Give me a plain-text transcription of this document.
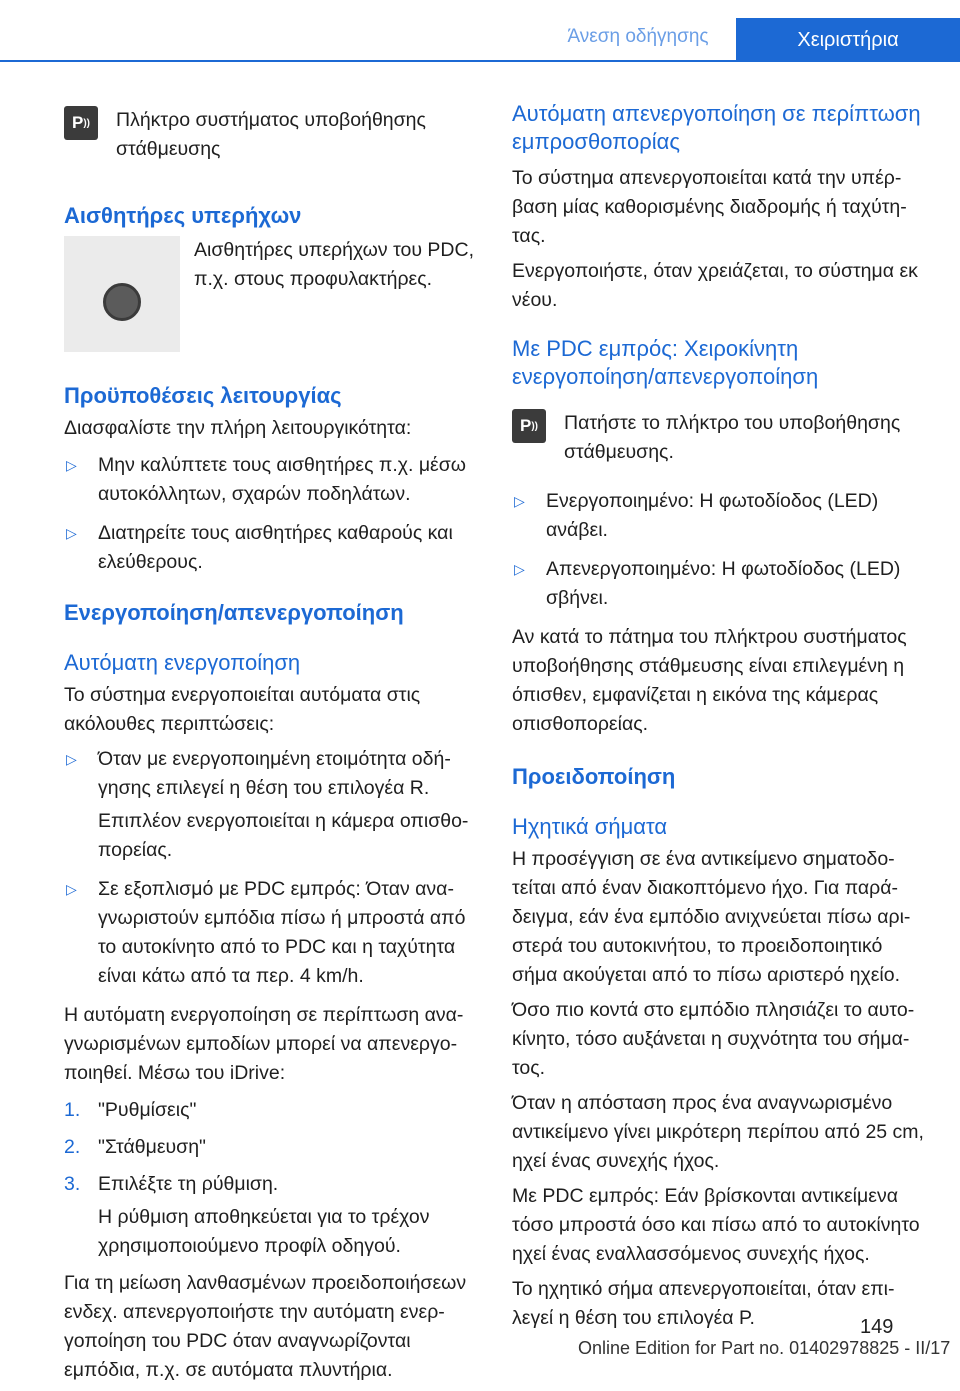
Άνεση οδήγησης	Χειριστήρια
P )) Πλήκτρο συστήματος υποβοήθησης στάθμευσης
Αισθητήρες υπερήχων
Αισθητήρες υπερήχων του PDC, π.χ. στους προφυλακτήρες.
Προϋποθέσεις λειτουργίας

Διασφαλίστε την πλήρη λειτουργικότητα:

▷ Μην καλύπτετε τους αισθητήρες π.χ. μέσω αυτοκόλλητων, σχαρών ποδηλάτων.
▷ Διατηρείτε τους αισθητήρες καθαρούς και ελεύθερους.
Ενεργοποίηση/απενεργοποίηση
Αυτόματη ενεργοποίηση

Το σύστημα ενεργοποιείται αυτόματα στις ακόλουθες περιπτώσεις:

▷ Όταν με ενεργοποιημένη ετοιμότητα οδή-γησης επιλεγεί η θέση του επιλογέα R.
Επιπλέον ενεργοποιείται η κάμερα οπισθο-πορείας.
▷ Σε εξοπλισμό με PDC εμπρός: Όταν ανα-γνωριστούν εμπόδια πίσω ή μπροστά από το αυτοκίνητο από το PDC και η ταχύτητα είναι κάτω από τα περ. 4 km/h.

Η αυτόματη ενεργοποίηση σε περίπτωση ανα-γνωρισμένων εμποδίων μπορεί να απενεργο-ποιηθεί. Μέσω του iDrive:

1. "Ρυθμίσεις"
2. "Στάθμευση"
3. Επιλέξτε τη ρύθμιση.
Η ρύθμιση αποθηκεύεται για το τρέχον χρησιμοποιούμενο προφίλ οδηγού.

Για τη μείωση λανθασμένων προειδοποιήσεων ενδεχ. απενεργοποιήστε την αυτόματη ενερ-γοποίηση του PDC όταν αναγνωρίζονται εμπόδια, π.χ. σε αυτόματα πλυντήρια.

Αυτόματη απενεργοποίηση σε περίπτωση εμπροσθοπορίας

Το σύστημα απενεργοποιείται κατά την υπέρ-βαση μίας καθορισμένης διαδρομής ή ταχύτη-τας.

Ενεργοποιήστε, όταν χρειάζεται, το σύστημα εκ νέου.

Με PDC εμπρός: Χειροκίνητη ενεργοποίηση/απενεργοποίηση
P )) Πατήστε το πλήκτρο του υποβοήθησης στάθμευσης.
▷ Ενεργοποιημένο: Η φωτοδίοδος (LED) ανάβει.
▷ Απενεργοποιημένο: Η φωτοδίοδος (LED) σβήνει.

Αν κατά το πάτημα του πλήκτρου συστήματος υποβοήθησης στάθμευσης είναι επιλεγμένη η όπισθεν, εμφανίζεται η εικόνα της κάμερας οπισθοπορείας.

Προειδοποίηση
Ηχητικά σήματα

Η προσέγγιση σε ένα αντικείμενο σηματοδο-τείται από έναν διακοπτόμενο ήχο. Για παρά-δειγμα, εάν ένα εμπόδιο ανιχνεύεται πίσω αρι-στερά του αυτοκινήτου, το προειδοποιητικό σήμα ακούγεται από το πίσω αριστερό ηχείο.

Όσο πιο κοντά στο εμπόδιο πλησιάζει το αυτο-κίνητο, τόσο αυξάνεται η συχνότητα του σήμα-τος.

Όταν η απόσταση προς ένα αναγνωρισμένο αντικείμενο γίνει μικρότερη περίπου από 25 cm, ηχεί ένας συνεχής ήχος.

Με PDC εμπρός: Εάν βρίσκονται αντικείμενα τόσο μπροστά όσο και πίσω από το αυτοκίνητο ηχεί ένας εναλλασσόμενος συνεχής ήχος.

Το ηχητικό σήμα απενεργοποιείται, όταν επι-λεγεί η θέση του επιλογέα P.	149
Online Edition for Part no. 01402978825 - II/17
